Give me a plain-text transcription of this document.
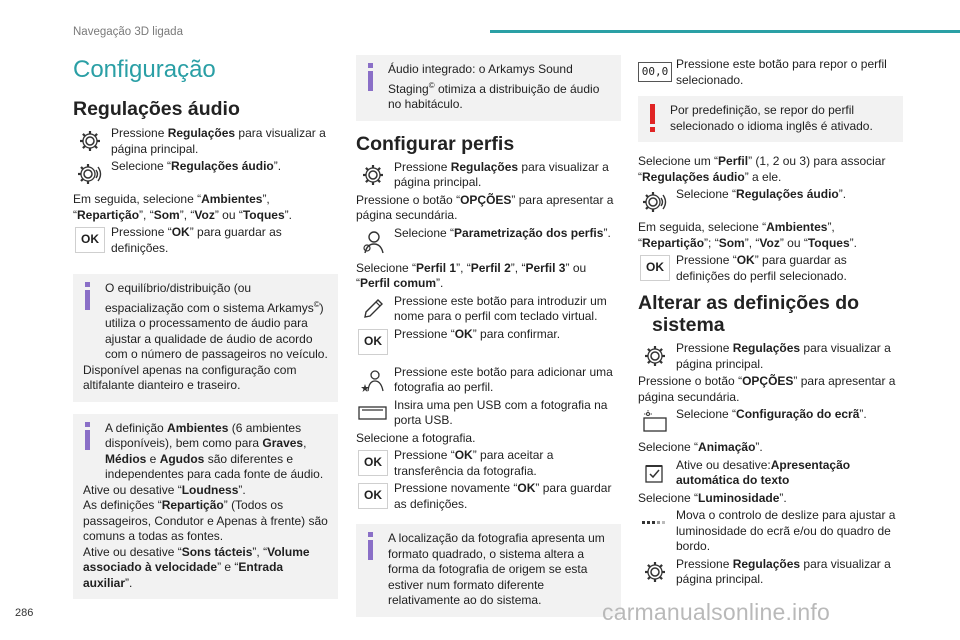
Navegação 3D ligada
Configuração
Regulações áudio
Pressione Regulações para visualizar a página principal.
Selecione “Regulações áudio”.
Em seguida, selecione “Ambientes”, “Repartição”, “Som”, “Voz” ou “Toques”.
OK
Pressione “OK” para guardar as definições.
O equilíbrio/distribuição (ou espacialização com o sistema Arkamys©) utiliza o processamento de áudio para ajustar a qualidade de áudio de acordo com o número de passageiros no veículo.
Disponível apenas na configuração com altifalante dianteiro e traseiro.
A definição Ambientes (6 ambientes disponíveis), bem como para Graves, Médios e Agudos são diferentes e independentes para cada fonte de áudio.
Ative ou desative “Loudness”.
As definições “Repartição” (Todos os passageiros, Condutor e Apenas à frente) são comuns a todas as fontes.
Ative ou desative “Sons tácteis”, “Volume associado à velocidade” e “Entrada auxiliar”.
Áudio integrado: o Arkamys Sound Staging© otimiza a distribuição de áudio no habitáculo.
Configurar perfis
Pressione Regulações para visualizar a página principal.
Pressione o botão “OPÇÕES” para apresentar a página secundária.
Selecione “Parametrização dos perfis”.
Selecione “Perfil 1”, “Perfil 2”, “Perfil 3” ou “Perfil comum”.
Pressione este botão para introduzir um nome para o perfil com teclado virtual.
OK
Pressione “OK” para confirmar.
Pressione este botão para adicionar uma fotografia ao perfil.
Insira uma pen USB com a fotografia na porta USB.
Selecione a fotografia.
OK
Pressione “OK” para aceitar a transferência da fotografia.
OK
Pressione novamente “OK” para guardar as definições.
A localização da fotografia apresenta um formato quadrado, o sistema altera a forma da fotografia de origem se esta estiver num formato diferente relativamente ao do sistema.
00,0
Pressione este botão para repor o perfil selecionado.
Por predefinição, se repor do perfil selecionado o idioma inglês é ativado.
Selecione um “Perfil” (1, 2 ou 3) para associar “Regulações áudio” a ele.
Selecione “Regulações áudio”.
Em seguida, selecione “Ambientes”, “Repartição”; “Som”, “Voz” ou “Toques”.
OK
Pressione “OK” para guardar as definições do perfil selecionado.
Alterar as definições do
sistema
Pressione Regulações para visualizar a página principal.
Pressione o botão “OPÇÕES” para apresentar a página secundária.
Selecione “Configuração do ecrã”.
Selecione “Animação”.
Ative ou desative:Apresentação automática do texto
Selecione “Luminosidade”.
Mova o controlo de deslize para ajustar a luminosidade do ecrã e/ou do quadro de bordo.
Pressione Regulações para visualizar a página principal.
286	carmanualsonline.info
